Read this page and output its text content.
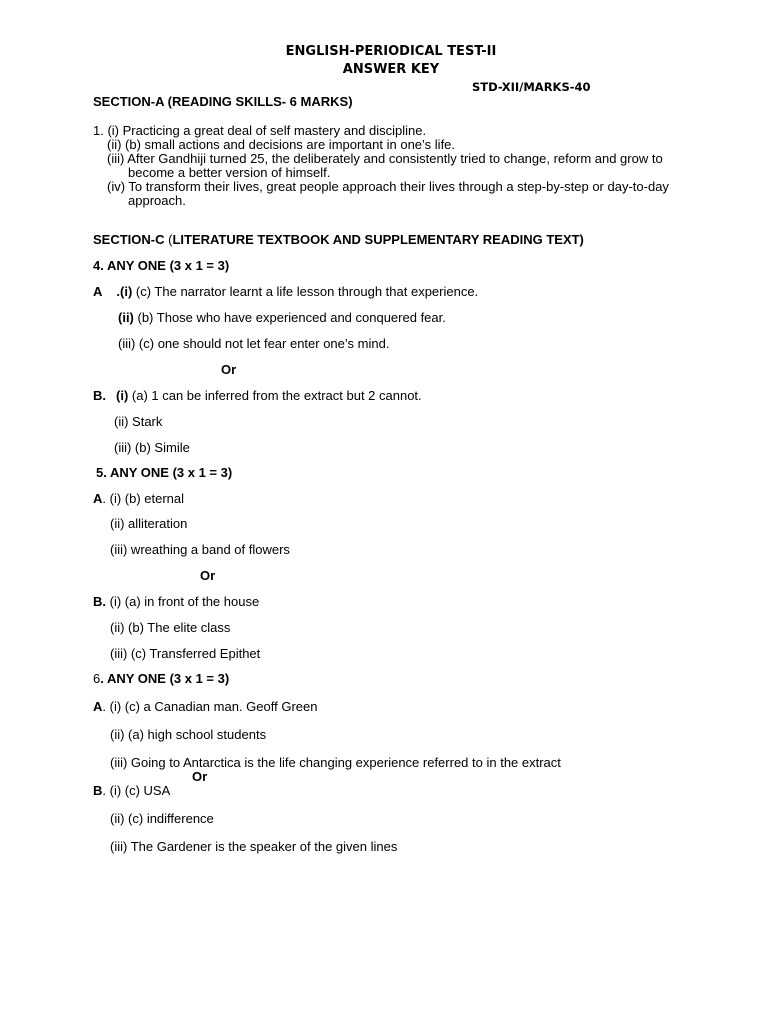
ENGLISH-PERIODICAL TEST-II
ANSWER KEY
STD-XII/MARKS-40
SECTION-A (READING SKILLS- 6 MARKS)
1. (i) Practicing a great deal of self mastery and discipline.
(ii) (b) small actions and decisions are important in one’s life.
(iii) After Gandhiji turned 25, the deliberately and consistently tried to change, reform and grow to
become a better version of himself.
(iv) To transform their lives, great people approach their lives through a step-by-step or day-to-day
approach.
SECTION-C (LITERATURE TEXTBOOK AND SUPPLEMENTARY READING TEXT)
4. ANY ONE (3 x 1 = 3)
A .(i) (c) The narrator learnt a life lesson through that experience.
(ii) (b) Those who have experienced and conquered fear.
(iii) (c) one should not let fear enter one’s mind.
Or
B. (i) (a) 1 can be inferred from the extract but 2 cannot.
(ii) Stark
(iii) (b) Simile
5. ANY ONE (3 x 1 = 3)
A. (i) (b) eternal
(ii) alliteration
(iii) wreathing a band of flowers
Or
B. (i) (a) in front of the house
(ii) (b) The elite class
(iii) (c) Transferred Epithet
6. ANY ONE (3 x 1 = 3)
A. (i) (c) a Canadian man. Geoff Green
(ii) (a) high school students
(iii) Going to Antarctica is the life changing experience referred to in the extract
Or
B. (i) (c) USA
(ii) (c) indifference
(iii) The Gardener is the speaker of the given lines
